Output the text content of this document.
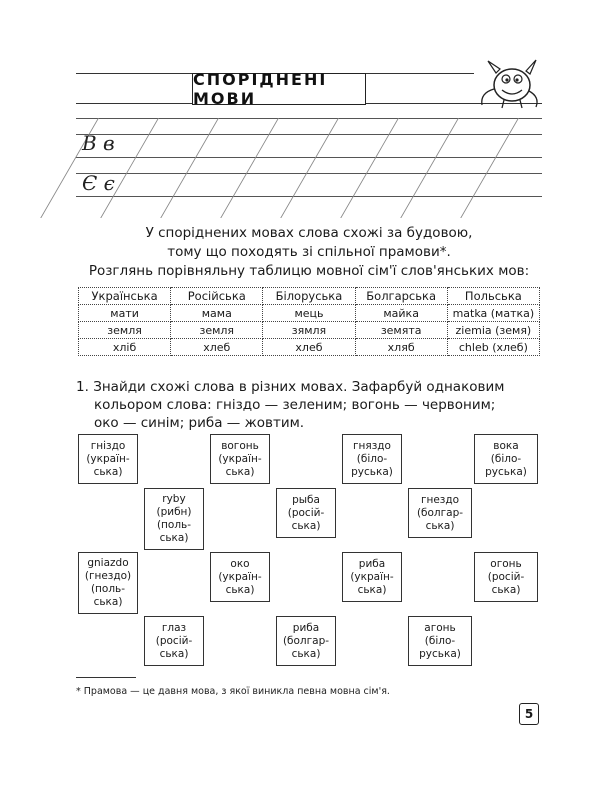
СПОРІДНЕНІ МОВИ
В в
Є є
У споріднених мовах слова схожі за будовою,
тому що походять зі спільної прамови*.
Розглянь порівняльну таблицю мовної сім'ї слов'янських мов:
Українська	Російська	Білоруська	Болгарська	Польська
мати	мама	мець	майка	matka (матка)
земля	земля	зямля	земята	ziemia (земя)
хліб	хлеб	хлеб	хляб	chleb (хлеб)
1. Знайди схожі слова в різних мовах. Зафарбуй однаковим
кольором слова: гніздо — зеленим; вогонь — червоним;
око — синім; риба — жовтим.
гніздо
(україн-
ська)
вогонь
(україн-
ська)
гняздо
(біло-
руська)
вока
(біло-
руська)
ryby
(рибн)
(поль-
ська)
рыба
(росій-
ська)
гнездо
(болгар-
ська)
gniazdo
(гнездо)
(поль-
ська)
око
(україн-
ська)
риба
(україн-
ська)
огонь
(росій-
ська)
глаз
(росій-
ська)
риба
(болгар-
ська)
агонь
(біло-
руська)
* Прамова — це давня мова, з якої виникла певна мовна сім'я.
5
